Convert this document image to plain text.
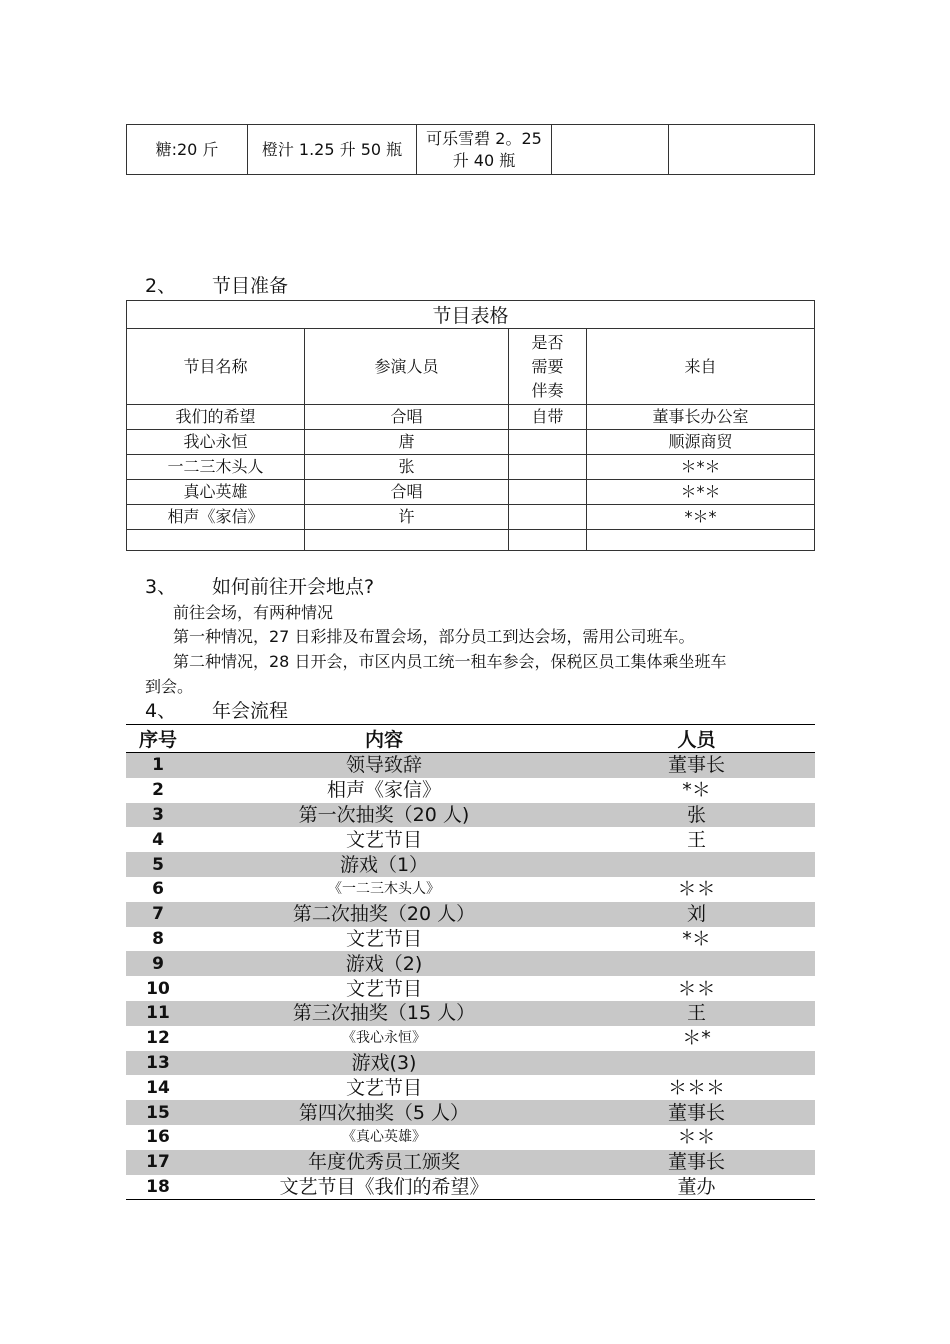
糖:20 斤	橙汁 1.25 升 50 瓶	可乐雪碧 2。25 升 40 瓶		
2、 节目准备
节目表格			
节目名称	参演人员	是否需要伴奏	来自
我们的希望	合唱	自带	董事长办公室
我心永恒	唐		顺源商贸
一二三木头人	张		＊*＊
真心英雄	合唱		＊*＊
相声《家信》	许		*＊*

3、 如何前往开会地点?
前往会场，有两种情况
第一种情况，27 日彩排及布置会场，部分员工到达会场，需用公司班车。
第二种情况，28 日开会，市区内员工统一租车参会，保税区员工集体乘坐班车
到会。
4、 年会流程
序号	内容	人员
1	领导致辞	董事长
2	相声《家信》	*＊
3	第一次抽奖（20 人)	张
4	文艺节目	王
5	游戏（1）	
6	《一二三木头人》	＊＊
7	第二次抽奖（20 人）	刘
8	文艺节目	*＊
9	游戏（2)	
10	文艺节目	＊＊
11	第三次抽奖（15 人）	王
12	《我心永恒》	＊*
13	游戏(3)	
14	文艺节目	＊＊＊
15	第四次抽奖（5 人）	董事长
16	《真心英雄》	＊＊
17	年度优秀员工颁奖	董事长
18	文艺节目《我们的希望》	董办
